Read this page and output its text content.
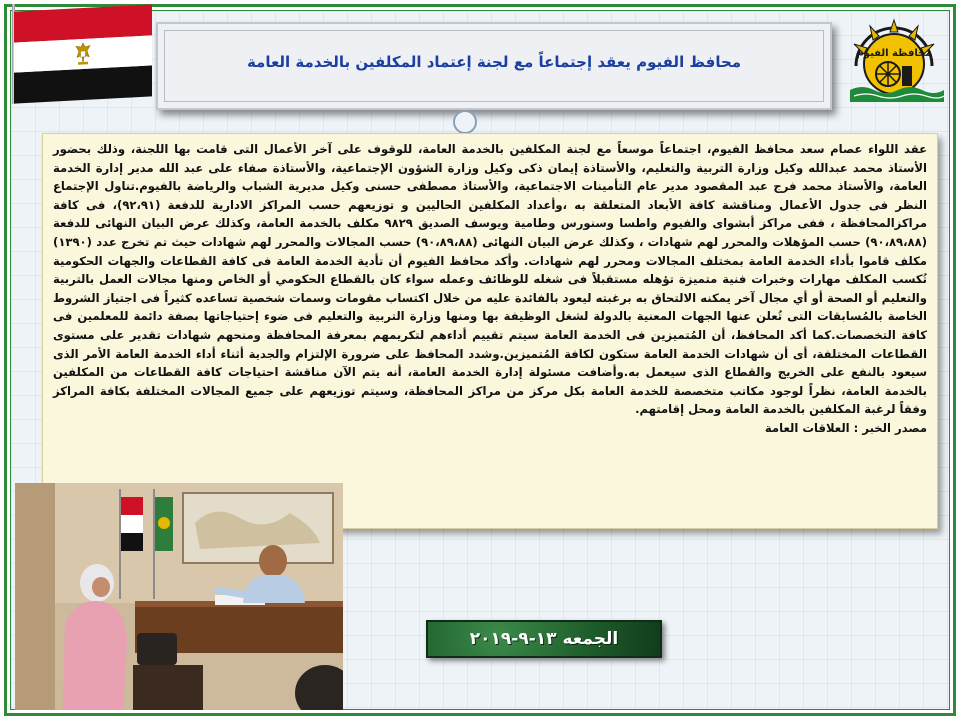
محافظ الفيوم يعقد إجتماعاً مع لجنة إعتماد المكلفين بالخدمة العامة	محافظة الفيوم

عقد اللواء عصام سعد محافظ الفيوم، اجتماعاً موسعاً مع لجنة المكلفين بالخدمة العامة، للوقوف على آخر الأعمال التى قامت بها اللجنة، وذلك بحضور الأستاذ محمد عبدالله وكيل وزارة التربية والتعليم، والأستاذة إيمان ذكى وكيل وزارة الشؤون الإجتماعية، والأستاذة صفاء على عبد الله مدير إدارة الخدمة العامة، والأستاذ محمد فرج عبد المقصود مدير عام التأمينات الاجتماعية، والأستاذ مصطفى حسنى وكيل مديرية الشباب والرياضة بالفيوم.تناول الإجتماع النظر فى جدول الأعمال ومناقشة كافة الأبعاد المتعلقة به ،وأعداد المكلفين الحاليين و توزيعهم حسب المراكز الادارية للدفعة (٩٢،٩١)، فى كافة مراكزالمحافظة ، ففى مراكز أبشواى والفيوم واطسا وسنورس وطامية ويوسف الصديق ٩٨٢٩ مكلف بالخدمة العامة، وكذلك عرض البيان النهائى للدفعة (٩٠،٨٩،٨٨) حسب المؤهلات والمحرر لهم شهادات ، وكذلك عرض البيان النهائى (٩٠،٨٩،٨٨) حسب المجالات والمحرر لهم شهادات حيث تم تخرج عدد (١٣٩٠) مكلف قاموا بأداء الخدمة العامة بمختلف المجالات ومحرر لهم شهادات. وأكد محافظ الفيوم أن تأدية الخدمة العامة فى كافة القطاعات والجهات الحكومية تُكسب المكلف مهارات وخبرات فنية متميزة تؤهله مستقبلاً فى شغله للوظائف وعمله سواء كان بالقطاع الحكومي أو الخاص ومنها مجالات العمل بالتربية والتعليم أو الصحة أو أي مجال آخر يمكنه الالتحاق به برغبته ليعود بالفائدة عليه من خلال اكتساب مقومات وسمات شخصية تساعده كثيراً فى اجتياز الشروط الخاصة بالمُسابقات التى تُعلن عنها الجهات المعنية بالدولة لشغل الوظيفة بها ومنها وزارة التربية والتعليم فى ضوء إحتياجاتها بصفة دائمة للمعلمين فى كافة التخصصات.كما أكد المحافظ، أن المُتميزين فى الخدمة العامة سيتم تقييم أداءهم لتكريمهم بمعرفة المحافظة ومنحهم شهادات تقدير على مستوى القطاعات المختلفة، أى أن شهادات الخدمة العامة ستكون لكافة المُتميزين.وشدد المحافظ على ضرورة الإلتزام والجدية أثناء أداء الخدمة العامة الأمر الذى سيعود بالنفع على الخريج والقطاع الذى سيعمل به.وأضافت مسئولة إدارة الخدمة العامة، أنه يتم الآن مناقشة احتياجات كافة القطاعات من المكلفين بالخدمة العامة، نظراً لوجود مكاتب متخصصة للخدمة العامة بكل مركز من مراكز المحافظة، وسيتم توزيعهم على جميع المجالات المختلفة بكافة المراكز وفقاً لرغبة المكلفين بالخدمة العامة ومحل إقامتهم.

مصدر الخبر : العلاقات العامة

الجمعه ١٣-٩-٢٠١٩
